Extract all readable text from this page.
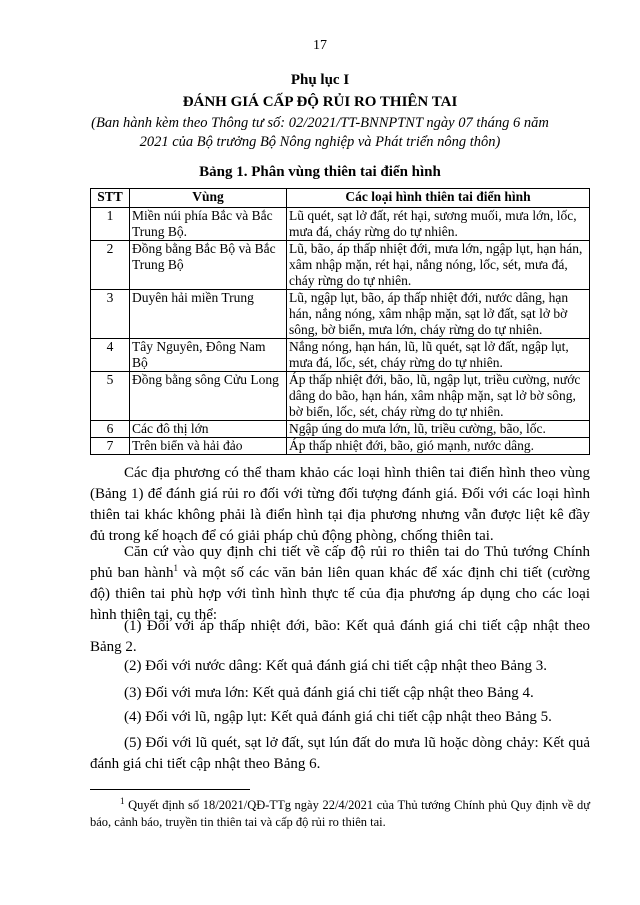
17
Phụ lục I
ĐÁNH GIÁ CẤP ĐỘ RỦI RO THIÊN TAI
(Ban hành kèm theo Thông tư số: 02/2021/TT-BNNPTNT ngày 07 tháng 6 năm 2021 của Bộ trưởng Bộ Nông nghiệp và Phát triển nông thôn)
Bảng 1. Phân vùng thiên tai điển hình
STT	Vùng	Các loại hình thiên tai điển hình
1	Miền núi phía Bắc và Bắc Trung Bộ.	Lũ quét, sạt lở đất, rét hại, sương muối, mưa lớn, lốc, mưa đá, cháy rừng do tự nhiên.
2	Đồng bằng Bắc Bộ và Bắc Trung Bộ	Lũ, bão, áp thấp nhiệt đới, mưa lớn, ngập lụt, hạn hán, xâm nhập mặn, rét hại, nắng nóng, lốc, sét, mưa đá, cháy rừng do tự nhiên.
3	Duyên hải miền Trung	Lũ, ngập lụt, bão, áp thấp nhiệt đới, nước dâng, hạn hán, nắng nóng, xâm nhập mặn, sạt lở đất, sạt lở bờ sông, bờ biển, mưa lớn, cháy rừng do tự nhiên.
4	Tây Nguyên, Đông Nam Bộ	Nắng nóng, hạn hán, lũ, lũ quét, sạt lở đất, ngập lụt, mưa đá, lốc, sét, cháy rừng do tự nhiên.
5	Đồng bằng sông Cửu Long	Áp thấp nhiệt đới, bão, lũ, ngập lụt, triều cường, nước dâng do bão, hạn hán, xâm nhập mặn, sạt lở bờ sông, bờ biển, lốc, sét, cháy rừng do tự nhiên.
6	Các đô thị lớn	Ngập úng do mưa lớn, lũ, triều cường, bão, lốc.
7	Trên biển và hải đảo	Áp thấp nhiệt đới, bão, gió mạnh, nước dâng.

Các địa phương có thể tham khảo các loại hình thiên tai điển hình theo vùng (Bảng 1) để đánh giá rủi ro đối với từng đối tượng đánh giá. Đối với các loại hình thiên tai khác không phải là điển hình tại địa phương nhưng vẫn được liệt kê đầy đủ trong kế hoạch để có giải pháp chủ động phòng, chống thiên tai.

Căn cứ vào quy định chi tiết về cấp độ rủi ro thiên tai do Thủ tướng Chính phủ ban hành$^1$ và một số các văn bản liên quan khác để xác định chi tiết (cường độ) thiên tai phù hợp với tình hình thực tế của địa phương áp dụng cho các loại hình thiên tai, cụ thể:

(1) Đối với áp thấp nhiệt đới, bão: Kết quả đánh giá chi tiết cập nhật theo Bảng 2.

(2) Đối với nước dâng: Kết quả đánh giá chi tiết cập nhật theo Bảng 3.

(3) Đối với mưa lớn: Kết quả đánh giá chi tiết cập nhật theo Bảng 4.

(4) Đối với lũ, ngập lụt: Kết quả đánh giá chi tiết cập nhật theo Bảng 5.

(5) Đối với lũ quét, sạt lở đất, sụt lún đất do mưa lũ hoặc dòng chảy: Kết quả đánh giá chi tiết cập nhật theo Bảng 6.

$^1$ Quyết định số 18/2021/QĐ-TTg ngày 22/4/2021 của Thủ tướng Chính phủ Quy định về dự báo, cảnh báo, truyền tin thiên tai và cấp độ rủi ro thiên tai.
